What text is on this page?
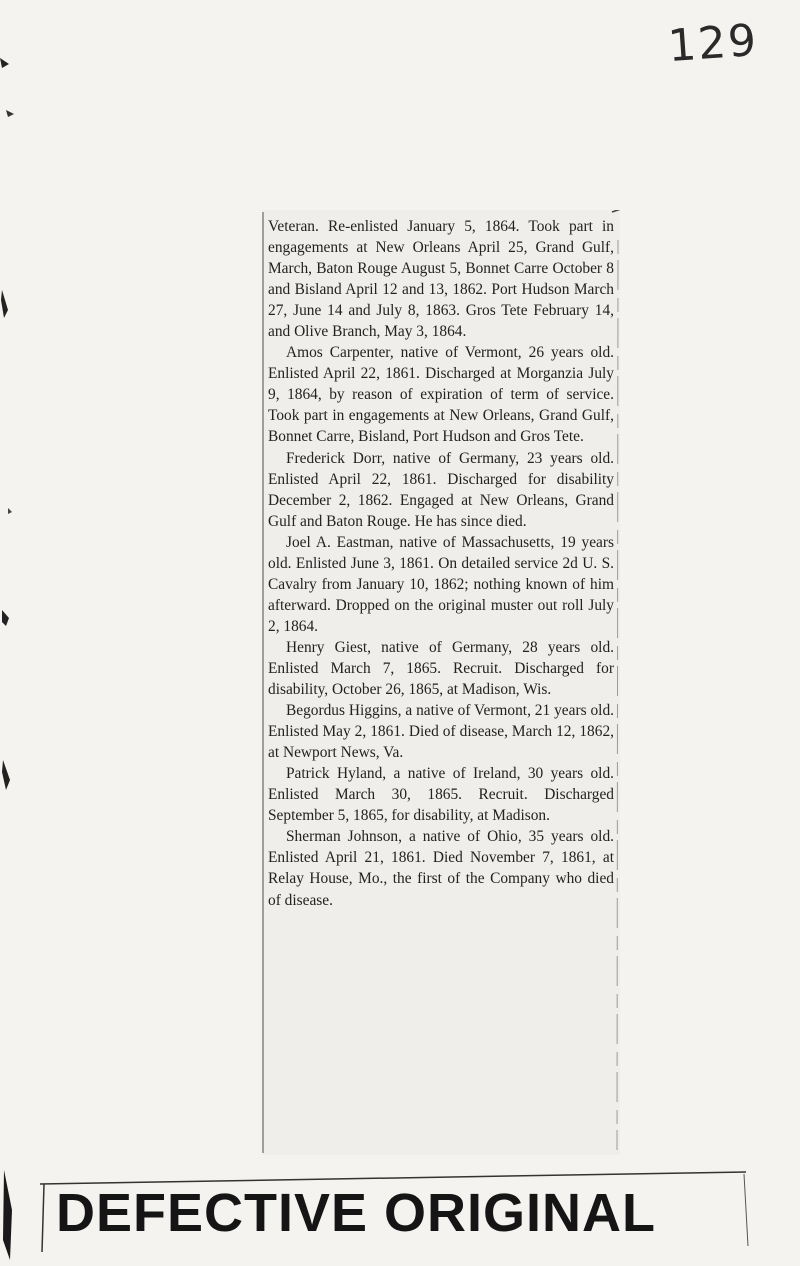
129

Veteran. Re-enlisted January 5, 1864. Took part in engagements at New Orleans April 25, Grand Gulf, March, Baton Rouge August 5, Bonnet Carre October 8 and Bisland April 12 and 13, 1862. Port Hudson March 27, June 14 and July 8, 1863. Gros Tete February 14, and Olive Branch, May 3, 1864.

Amos Carpenter, native of Vermont, 26 years old. Enlisted April 22, 1861. Discharged at Morganzia July 9, 1864, by reason of expiration of term of service. Took part in engagements at New Orleans, Grand Gulf, Bonnet Carre, Bisland, Port Hudson and Gros Tete.

Frederick Dorr, native of Germany, 23 years old. Enlisted April 22, 1861. Discharged for disability December 2, 1862. Engaged at New Orleans, Grand Gulf and Baton Rouge. He has since died.

Joel A. Eastman, native of Massachusetts, 19 years old. Enlisted June 3, 1861. On detailed service 2d U. S. Cavalry from January 10, 1862; nothing known of him afterward. Dropped on the original muster out roll July 2, 1864.

Henry Giest, native of Germany, 28 years old. Enlisted March 7, 1865. Recruit. Discharged for disability, October 26, 1865, at Madison, Wis.

Begordus Higgins, a native of Vermont, 21 years old. Enlisted May 2, 1861. Died of disease, March 12, 1862, at Newport News, Va.

Patrick Hyland, a native of Ireland, 30 years old. Enlisted March 30, 1865. Recruit. Discharged September 5, 1865, for disability, at Madison.

Sherman Johnson, a native of Ohio, 35 years old. Enlisted April 21, 1861. Died November 7, 1861, at Relay House, Mo., the first of the Company who died of disease.

DEFECTIVE ORIGINAL
